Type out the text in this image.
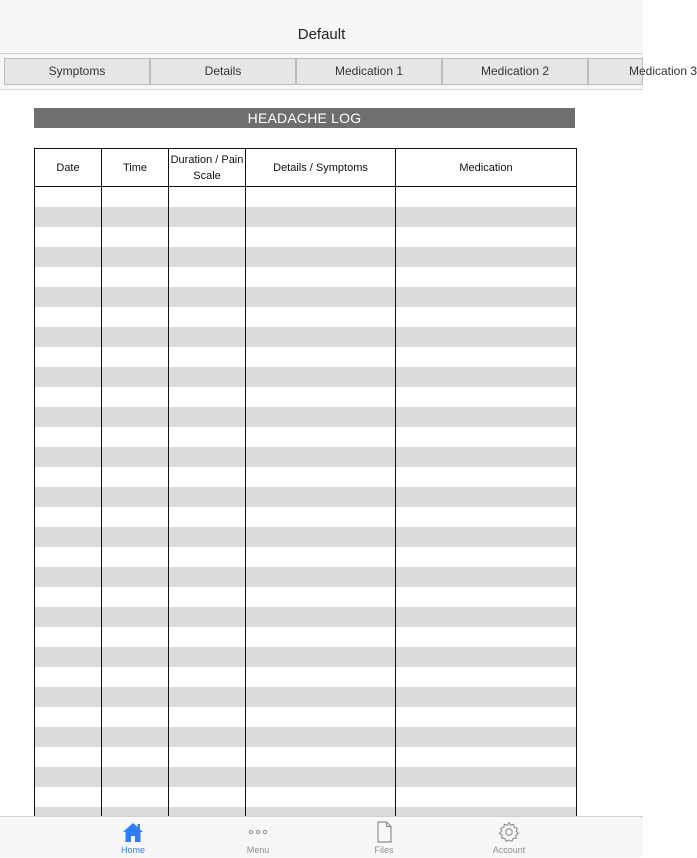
Default
Symptoms	Details	Medication 1	Medication 2	Medication 3
HEADACHE LOG
Date	Time	Duration / Pain Scale	Details / Symptoms	Medication

Home	Menu	Files	Account
